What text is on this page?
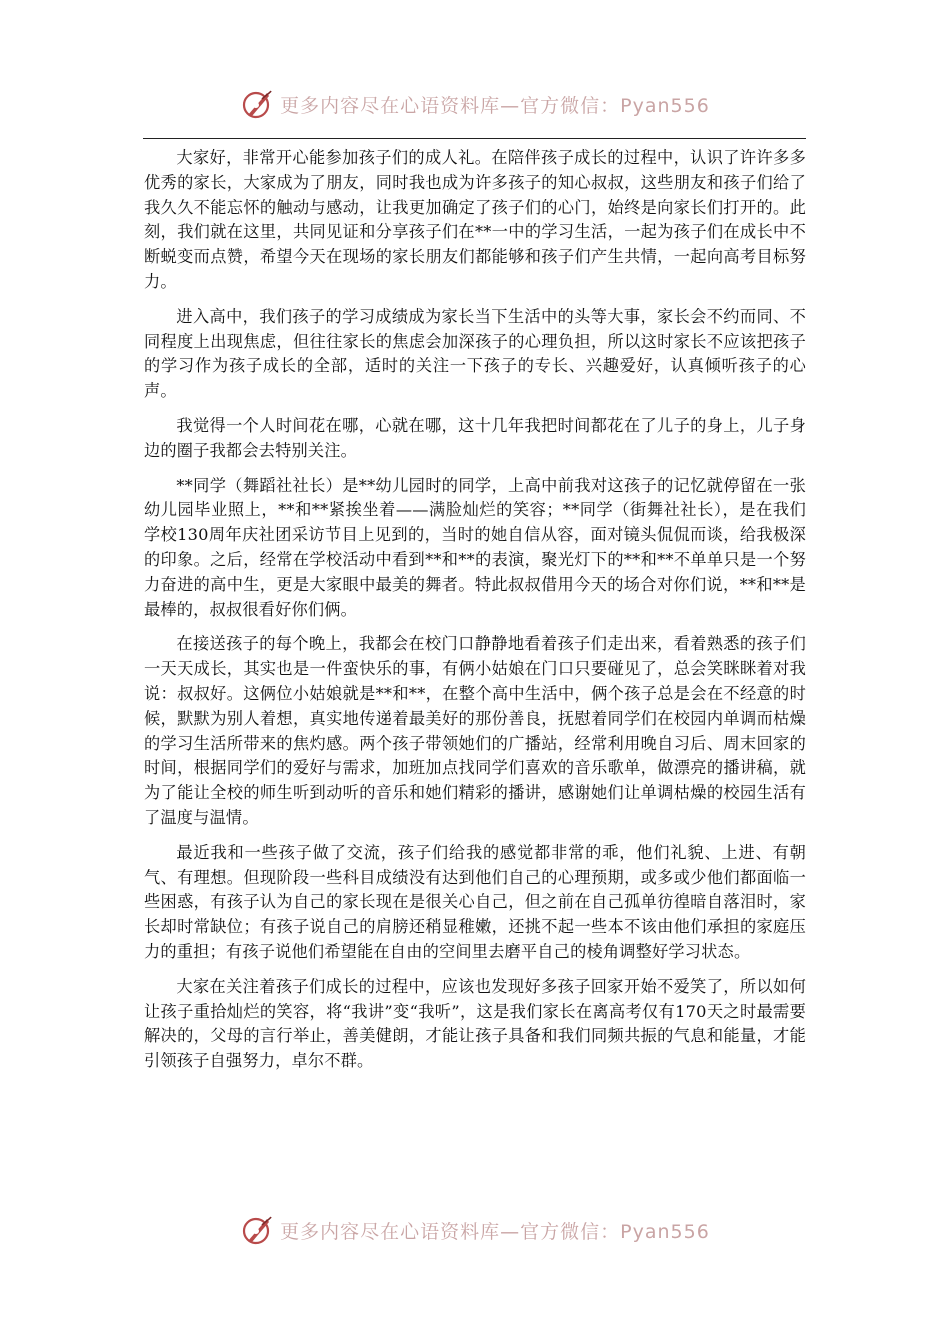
更多内容尽在心语资料库—官方微信：Pyan556

大家好，非常开心能参加孩子们的成人礼。在陪伴孩子成长的过程中，认识了许许多多优秀的家长，大家成为了朋友，同时我也成为许多孩子的知心叔叔，这些朋友和孩子们给了我久久不能忘怀的触动与感动，让我更加确定了孩子们的心门，始终是向家长们打开的。此刻，我们就在这里，共同见证和分享孩子们在**一中的学习生活，一起为孩子们在成长中不断蜕变而点赞，希望今天在现场的家长朋友们都能够和孩子们产生共情，一起向高考目标努力。

进入高中，我们孩子的学习成绩成为家长当下生活中的头等大事，家长会不约而同、不同程度上出现焦虑，但往往家长的焦虑会加深孩子的心理负担，所以这时家长不应该把孩子的学习作为孩子成长的全部，适时的关注一下孩子的专长、兴趣爱好，认真倾听孩子的心声。

我觉得一个人时间花在哪，心就在哪，这十几年我把时间都花在了儿子的身上，儿子身边的圈子我都会去特别关注。

**同学（舞蹈社社长）是**幼儿园时的同学，上高中前我对这孩子的记忆就停留在一张幼儿园毕业照上，**和**紧挨坐着——满脸灿烂的笑容；**同学（街舞社社长），是在我们学校130周年庆社团采访节目上见到的，当时的她自信从容，面对镜头侃侃而谈，给我极深的印象。之后，经常在学校活动中看到**和**的表演，聚光灯下的**和**不单单只是一个努力奋进的高中生，更是大家眼中最美的舞者。特此叔叔借用今天的场合对你们说，**和**是最棒的，叔叔很看好你们俩。

在接送孩子的每个晚上，我都会在校门口静静地看着孩子们走出来，看着熟悉的孩子们一天天成长，其实也是一件蛮快乐的事，有俩小姑娘在门口只要碰见了，总会笑眯眯着对我说：叔叔好。这俩位小姑娘就是**和**，在整个高中生活中，俩个孩子总是会在不经意的时候，默默为别人着想，真实地传递着最美好的那份善良，抚慰着同学们在校园内单调而枯燥的学习生活所带来的焦灼感。两个孩子带领她们的广播站，经常利用晚自习后、周末回家的时间，根据同学们的爱好与需求，加班加点找同学们喜欢的音乐歌单，做漂亮的播讲稿，就为了能让全校的师生听到动听的音乐和她们精彩的播讲，感谢她们让单调枯燥的校园生活有了温度与温情。

最近我和一些孩子做了交流，孩子们给我的感觉都非常的乖，他们礼貌、上进、有朝气、有理想。但现阶段一些科目成绩没有达到他们自己的心理预期，或多或少他们都面临一些困惑，有孩子认为自己的家长现在是很关心自己，但之前在自己孤单彷徨暗自落泪时，家长却时常缺位；有孩子说自己的肩膀还稍显稚嫩，还挑不起一些本不该由他们承担的家庭压力的重担；有孩子说他们希望能在自由的空间里去磨平自己的棱角调整好学习状态。

大家在关注着孩子们成长的过程中，应该也发现好多孩子回家开始不爱笑了，所以如何让孩子重拾灿烂的笑容，将“我讲”变“我听”，这是我们家长在离高考仅有170天之时最需要解决的，父母的言行举止，善美健朗，才能让孩子具备和我们同频共振的气息和能量，才能引领孩子自强努力，卓尔不群。

更多内容尽在心语资料库—官方微信：Pyan556
